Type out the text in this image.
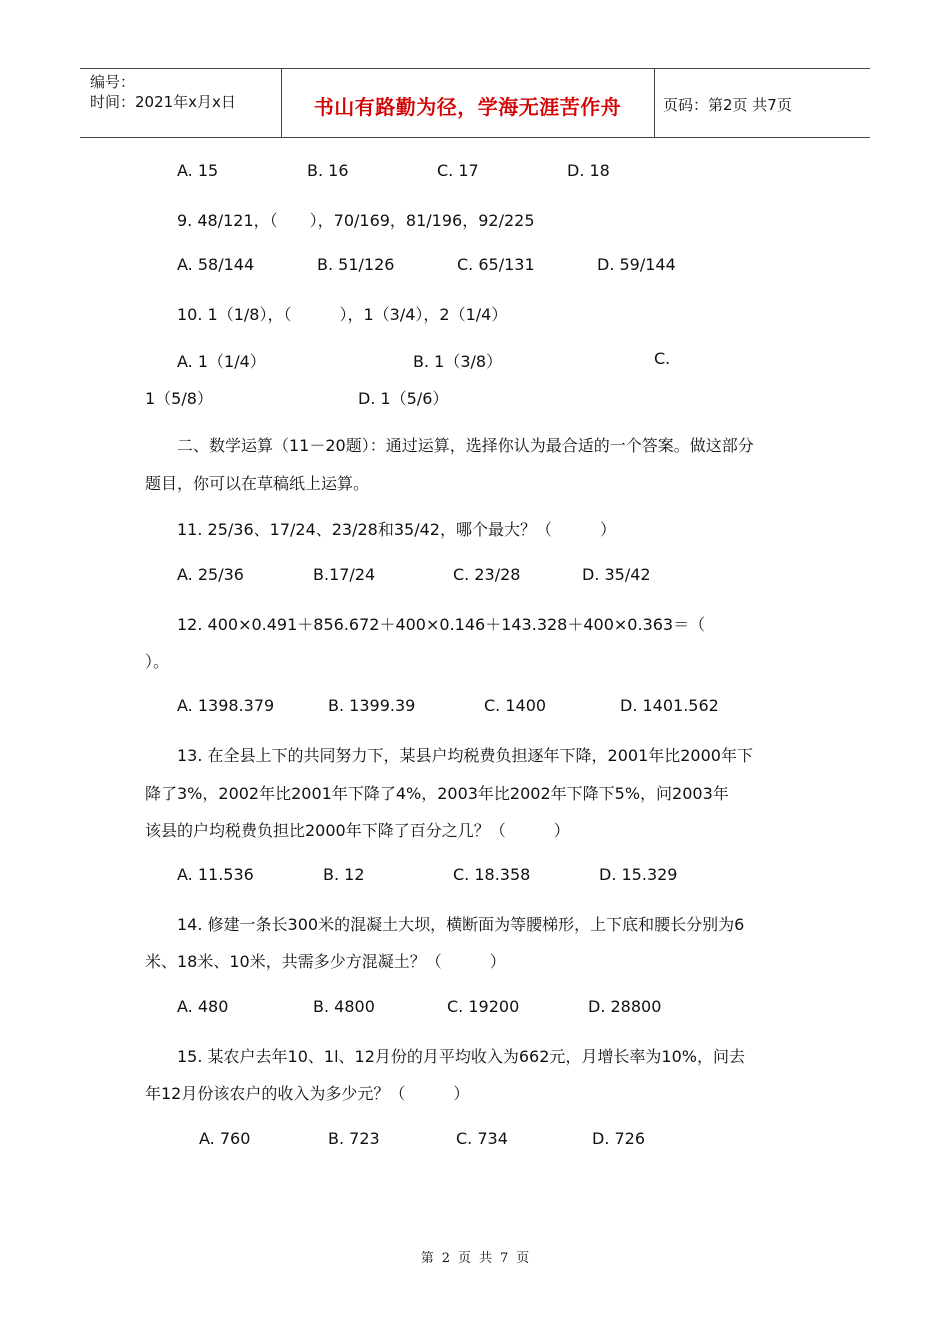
编号：
时间：2021年x月x日	书山有路勤为径，学海无涯苦作舟	页码：第2页 共7页
A. 15	B. 16	C. 17	D. 18
9. 48/121，（　　），70/169，81/196，92/225
A. 58/144	B. 51/126	C. 65/131	D. 59/144
10. 1（1/8），（　　　），1（3/4），2（1/4）
A. 1（1/4）	B. 1（3/8）	C.
1（5/8）	D. 1（5/6）
二、数学运算（11－20题）：通过运算，选择你认为最合适的一个答案。做这部分
题目，你可以在草稿纸上运算。
11. 25/36、17/24、23/28和35/42，哪个最大？（　　　）
A. 25/36	B.17/24	C. 23/28	D. 35/42
12. 400×0.491＋856.672＋400×0.146＋143.328＋400×0.363＝（
）。
A. 1398.379	B. 1399.39	C. 1400	D. 1401.562
13. 在全县上下的共同努力下，某县户均税费负担逐年下降，2001年比2000年下
降了3%，2002年比2001年下降了4%，2003年比2002年下降下5%，问2003年
该县的户均税费负担比2000年下降了百分之几？（　　　）
A. 11.536	B. 12	C. 18.358	D. 15.329
14. 修建一条长300米的混凝土大坝，横断面为等腰梯形，上下底和腰长分别为6
米、18米、10米，共需多少方混凝土？（　　　）
A. 480	B. 4800	C. 19200	D. 28800
15. 某农户去年10、1l、12月份的月平均收入为662元，月增长率为10%，问去
年12月份该农户的收入为多少元？（　　　）
A. 760	B. 723	C. 734	D. 726
第 2 页 共 7 页
